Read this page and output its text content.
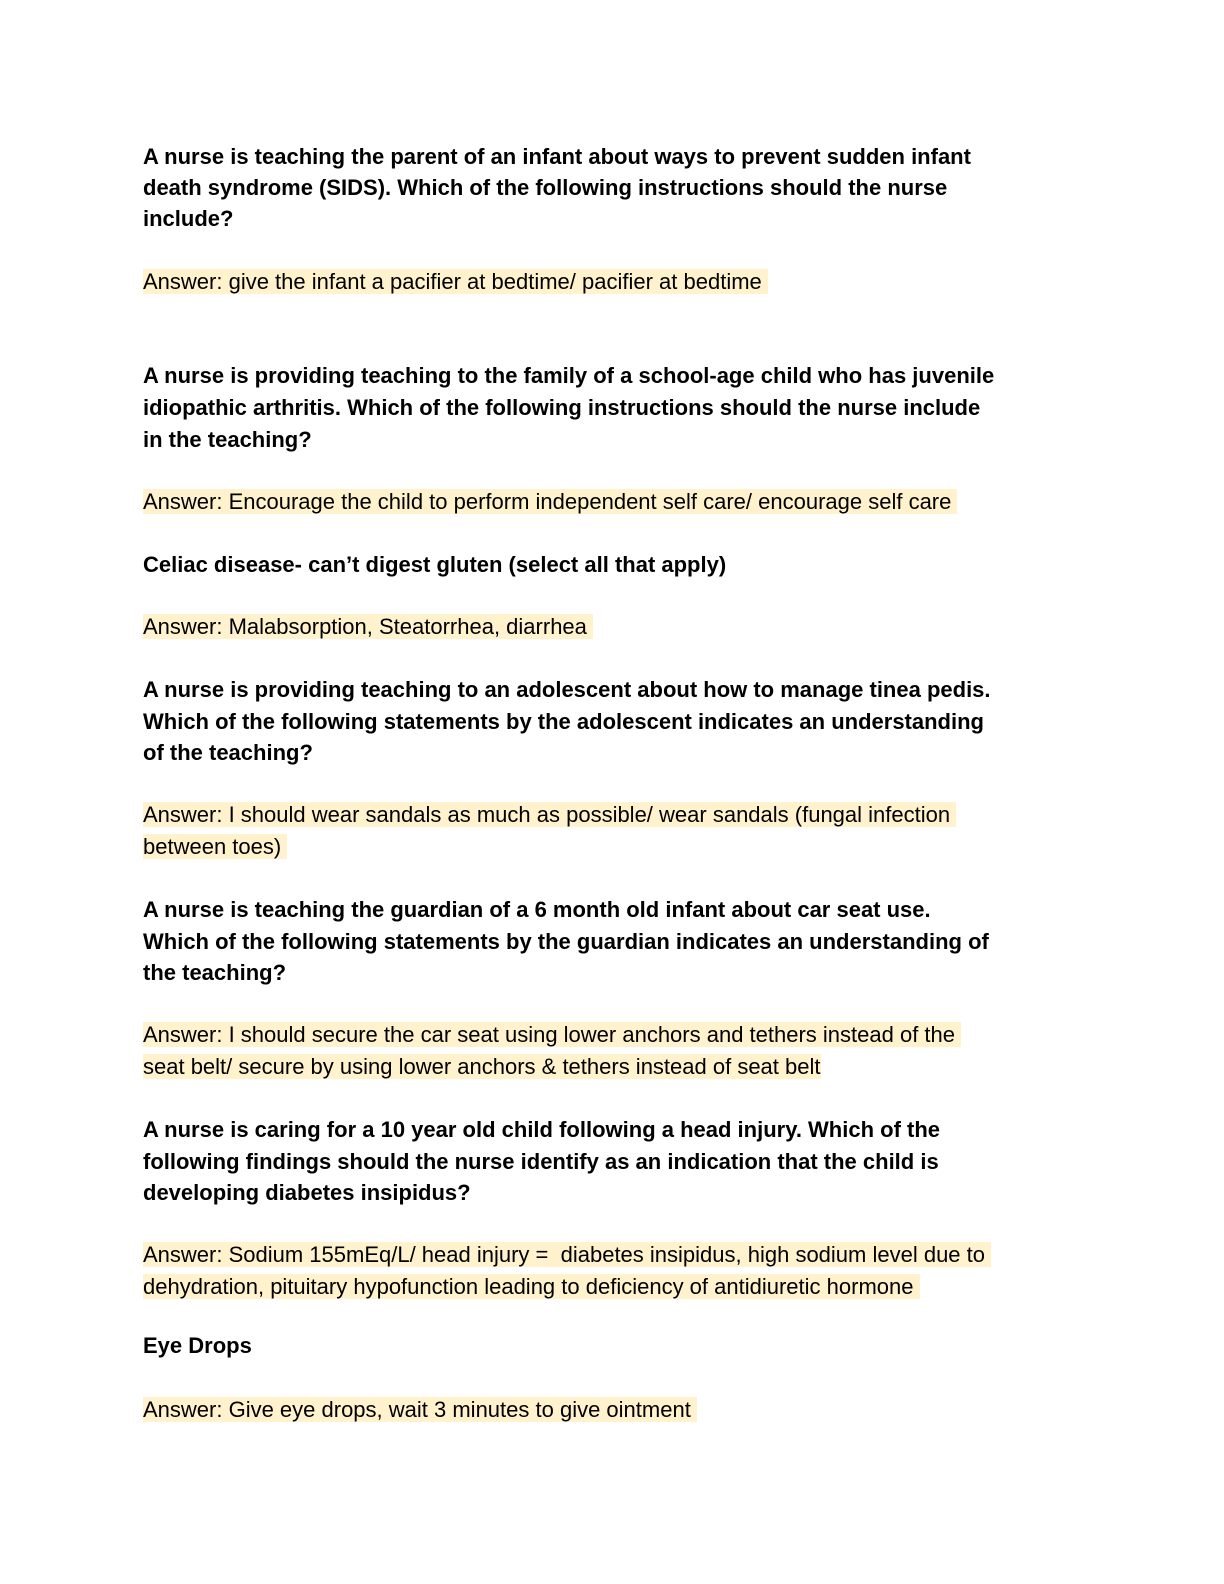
A nurse is teaching the parent of an infant about ways to prevent sudden infant
death syndrome (SIDS). Which of the following instructions should the nurse
include?
Answer: give the infant a pacifier at bedtime/ pacifier at bedtime
A nurse is providing teaching to the family of a school-age child who has juvenile
idiopathic arthritis. Which of the following instructions should the nurse include
in the teaching?
Answer: Encourage the child to perform independent self care/ encourage self care
Celiac disease- can’t digest gluten (select all that apply)
Answer: Malabsorption, Steatorrhea, diarrhea
A nurse is providing teaching to an adolescent about how to manage tinea pedis.
Which of the following statements by the adolescent indicates an understanding
of the teaching?
Answer: I should wear sandals as much as possible/ wear sandals (fungal infection
between toes)
A nurse is teaching the guardian of a 6 month old infant about car seat use.
Which of the following statements by the guardian indicates an understanding of
the teaching?
Answer: I should secure the car seat using lower anchors and tethers instead of the
seat belt/ secure by using lower anchors & tethers instead of seat belt
A nurse is caring for a 10 year old child following a head injury. Which of the
following findings should the nurse identify as an indication that the child is
developing diabetes insipidus?
Answer: Sodium 155mEq/L/ head injury =  diabetes insipidus, high sodium level due to
dehydration, pituitary hypofunction leading to deficiency of antidiuretic hormone
Eye Drops
Answer: Give eye drops, wait 3 minutes to give ointment
